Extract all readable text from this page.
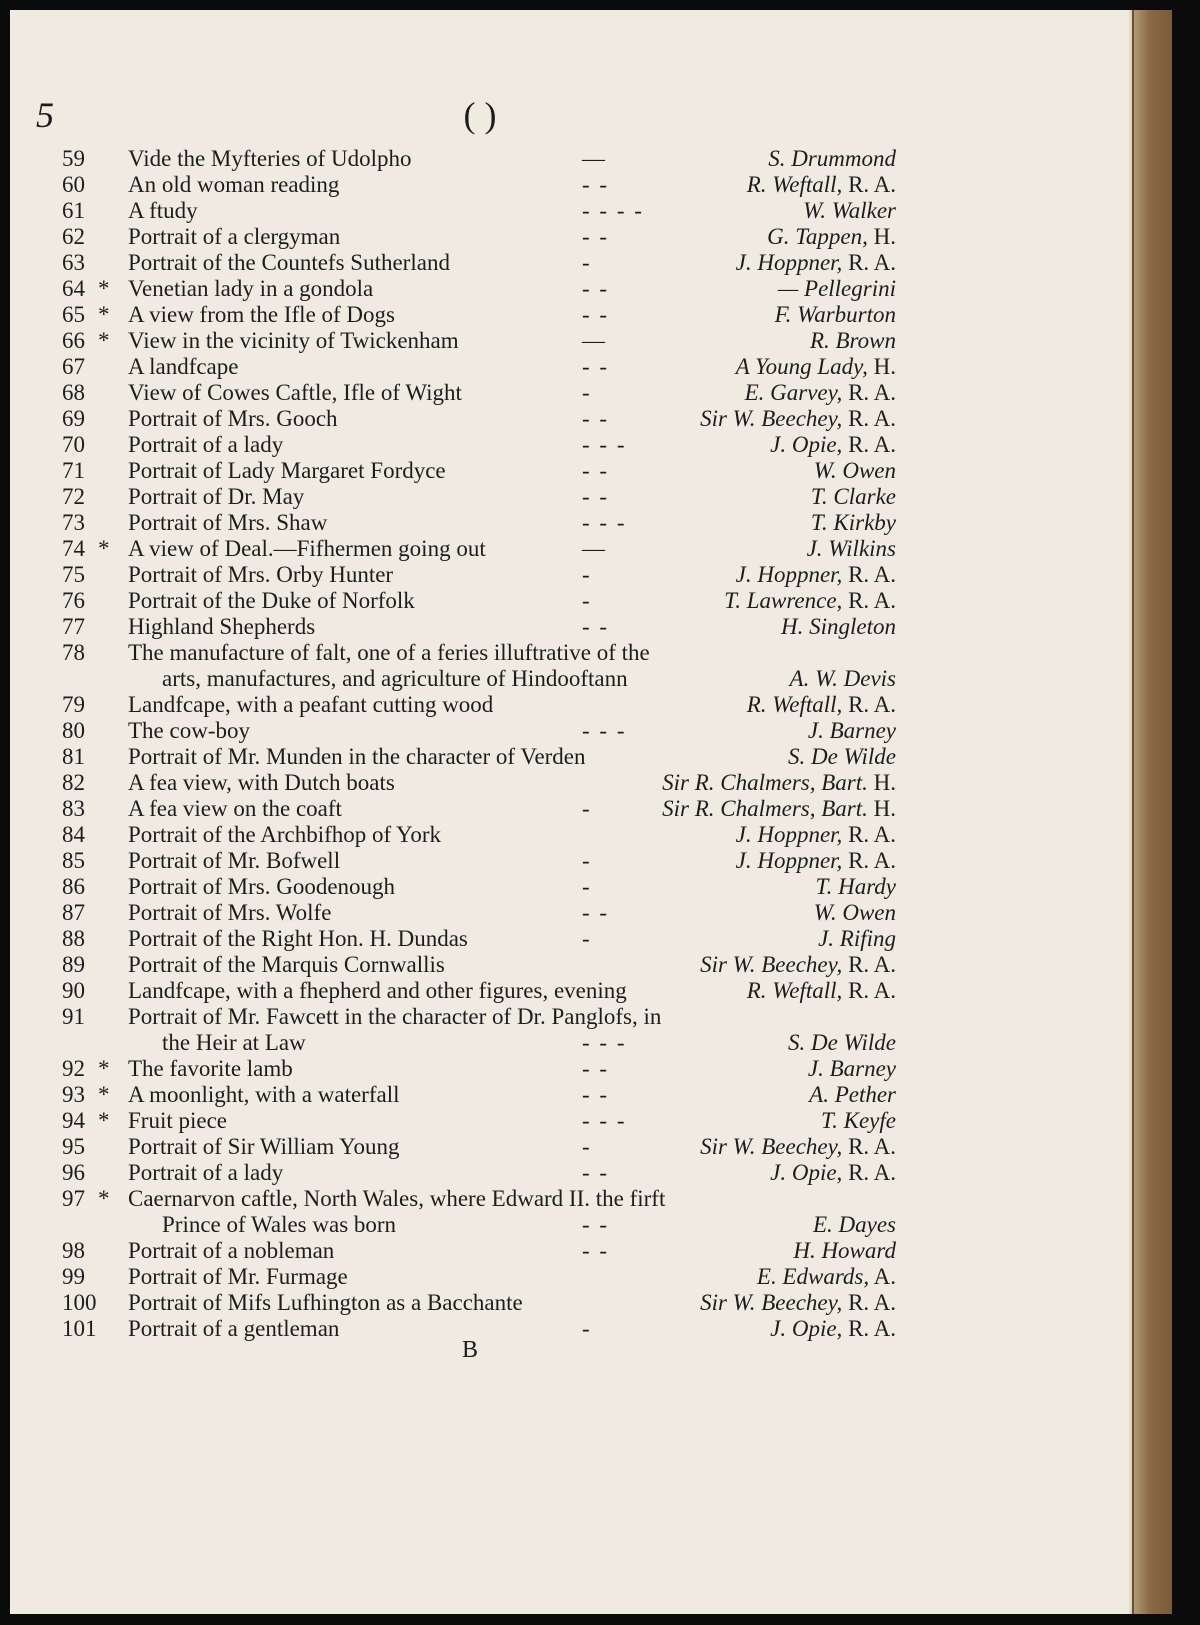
(
5	)
59	Vide the Myfteries of Udolpho	—	S. Drummond
60	An old woman reading	- -	R. Weftall, R. A.
61	A ftudy	- - - -	W. Walker
62	Portrait of a clergyman	- -	G. Tappen, H.
63	Portrait of the Countefs Sutherland	-	J. Hoppner, R. A.
64 * Venetian lady in a gondola	- -	— Pellegrini
65 * A view from the Ifle of Dogs	- -	F. Warburton
66 * View in the vicinity of Twickenham	—	R. Brown
67	A landfcape	- -	A Young Lady, H.
68	View of Cowes Caftle, Ifle of Wight	-	E. Garvey, R. A.
69	Portrait of Mrs. Gooch	- -	Sir W. Beechey, R. A.
70	Portrait of a lady	- - -	J. Opie, R. A.
71	Portrait of Lady Margaret Fordyce	- -	W. Owen
72	Portrait of Dr. May	- -	T. Clarke
73	Portrait of Mrs. Shaw	- - -	T. Kirkby
74 * A view of Deal.—Fifhermen going out	—	J. Wilkins
75	Portrait of Mrs. Orby Hunter	-	J. Hoppner, R. A.
76	Portrait of the Duke of Norfolk	-	T. Lawrence, R. A.
77	Highland Shepherds	- -	H. Singleton
78	The manufacture of falt, one of a feries illuftrative of the
arts, manufactures, and agriculture of Hindooftann	A. W. Devis
79	Landfcape, with a peafant cutting wood	R. Weftall, R. A.
80	The cow-boy	- - -	J. Barney
81	Portrait of Mr. Munden in the character of Verden	S. De Wilde
82	A fea view, with Dutch boats	Sir R. Chalmers, Bart. H.
83	A fea view on the coaft	-	Sir R. Chalmers, Bart. H.
84	Portrait of the Archbifhop of York	J. Hoppner, R. A.
85	Portrait of Mr. Bofwell	-	J. Hoppner, R. A.
86	Portrait of Mrs. Goodenough	-	T. Hardy
87	Portrait of Mrs. Wolfe	- -	W. Owen
88	Portrait of the Right Hon. H. Dundas	-	J. Rifing
89	Portrait of the Marquis Cornwallis	Sir W. Beechey, R. A.
90	Landfcape, with a fhepherd and other figures, evening	R. Weftall, R. A.
91	Portrait of Mr. Fawcett in the character of Dr. Panglofs, in
the Heir at Law	- - -	S. De Wilde
92 * The favorite lamb	- -	J. Barney
93 * A moonlight, with a waterfall	- -	A. Pether
94 * Fruit piece	- - -	T. Keyfe
95	Portrait of Sir William Young	-	Sir W. Beechey, R. A.
96	Portrait of a lady	- -	J. Opie, R. A.
97 * Caernarvon caftle, North Wales, where Edward II. the firft
Prince of Wales was born	- -	E. Dayes
98	Portrait of a nobleman	- -	H. Howard
99	Portrait of Mr. Furmage	E. Edwards, A.
100 Portrait of Mifs Lufhington as a Bacchante	Sir W. Beechey, R. A.
101 Portrait of a gentleman	-	J. Opie, R. A.
B
